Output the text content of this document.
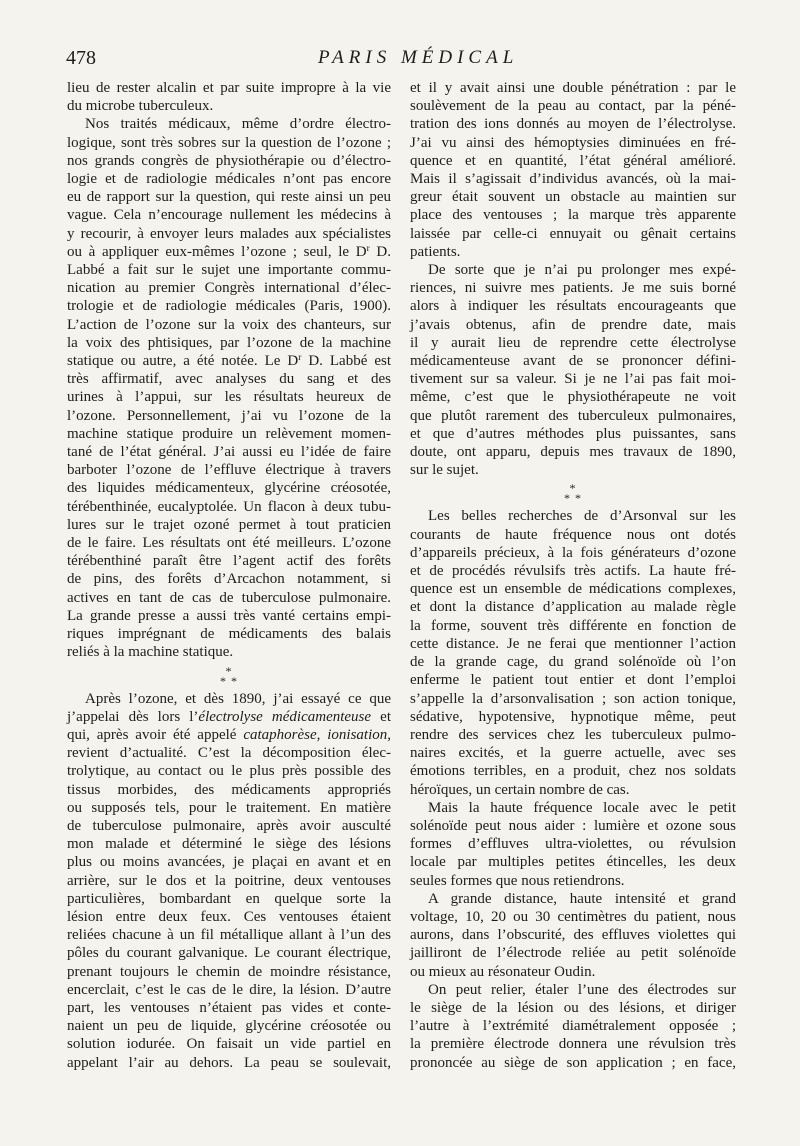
478	PARIS MÉDICAL
lieu de rester alcalin et par suite impropre à la vie
du microbe tuberculeux.
Nos traités médicaux, même d’ordre électro-
logique, sont très sobres sur la question de l’ozone ;
nos grands congrès de physiothérapie ou d’électro-
logie et de radiologie médicales n’ont pas encore
eu de rapport sur la question, qui reste ainsi un peu
vague. Cela n’encourage nullement les médecins à
y recourir, à envoyer leurs malades aux spécialistes
ou à appliquer eux-mêmes l’ozone ; seul, le $D^r$ D.
Labbé a fait sur le sujet une importante commu-
nication au premier Congrès international d’élec-
trologie et de radiologie médicales (Paris, 1900).
L’action de l’ozone sur la voix des chanteurs, sur
la voix des phtisiques, par l’ozone de la machine
statique ou autre, a été notée. Le $D^r$ D. Labbé est
très affirmatif, avec analyses du sang et des
urines à l’appui, sur les résultats heureux de
l’ozone. Personnellement, j’ai vu l’ozone de la
machine statique produire un relèvement momen-
tané de l’état général. J’ai aussi eu l’idée de faire
barboter l’ozone de l’effluve électrique à travers
des liquides médicamenteux, glycérine créosotée,
térébenthinée, eucalyptolée. Un flacon à deux tubu-
lures sur le trajet ozoné permet à tout praticien
de le faire. Les résultats ont été meilleurs. L’ozone
térébenthiné paraît être l’agent actif des forêts
de pins, des forêts d’Arcachon notamment, si
actives en tant de cas de tuberculose pulmonaire.
La grande presse a aussi très vanté certains empi-
riques imprégnant de médicaments des balais
reliés à la machine statique.
*
* *
Après l’ozone, et dès 1890, j’ai essayé ce que
j’appelai dès lors l’électrolyse médicamenteuse et
qui, après avoir été appelé cataphorèse, ionisation,
revient d’actualité. C’est la décomposition élec-
trolytique, au contact ou le plus près possible des
tissus morbides, des médicaments appropriés
ou supposés tels, pour le traitement. En matière
de tuberculose pulmonaire, après avoir ausculté
mon malade et déterminé le siège des lésions
plus ou moins avancées, je plaçai en avant et en
arrière, sur le dos et la poitrine, deux ventouses
particulières, bombardant en quelque sorte la
lésion entre deux feux. Ces ventouses étaient
reliées chacune à un fil métallique allant à l’un des
pôles du courant galvanique. Le courant électrique,
prenant toujours le chemin de moindre résistance,
encerclait, c’est le cas de le dire, la lésion. D’autre
part, les ventouses n’étaient pas vides et conte-
naient un peu de liquide, glycérine créosotée ou
solution iodurée. On faisait un vide partiel en
appelant l’air au dehors. La peau se soulevait,
et il y avait ainsi une double pénétration : par le
soulèvement de la peau au contact, par la péné-
tration des ions donnés au moyen de l’électrolyse.
J’ai vu ainsi des hémoptysies diminuées en fré-
quence et en quantité, l’état général amélioré.
Mais il s’agissait d’individus avancés, où la mai-
greur était souvent un obstacle au maintien sur
place des ventouses ; la marque très apparente
laissée par celle-ci ennuyait ou gênait certains
patients.
De sorte que je n’ai pu prolonger mes expé-
riences, ni suivre mes patients. Je me suis borné
alors à indiquer les résultats encourageants que
j’avais obtenus, afin de prendre date, mais
il y aurait lieu de reprendre cette électrolyse
médicamenteuse avant de se prononcer défini-
tivement sur sa valeur. Si je ne l’ai pas fait moi-
même, c’est que le physiothérapeute ne voit
que plutôt rarement des tuberculeux pulmonaires,
et que d’autres méthodes plus puissantes, sans
doute, ont apparu, depuis mes travaux de 1890,
sur le sujet.
*
* *
Les belles recherches de d’Arsonval sur les
courants de haute fréquence nous ont dotés
d’appareils précieux, à la fois générateurs d’ozone
et de procédés révulsifs très actifs. La haute fré-
quence est un ensemble de médications complexes,
et dont la distance d’application au malade règle
la forme, souvent très différente en fonction de
cette distance. Je ne ferai que mentionner l’action
de la grande cage, du grand solénoïde où l’on
enferme le patient tout entier et dont l’emploi
s’appelle la d’arsonvalisation ; son action tonique,
sédative, hypotensive, hypnotique même, peut
rendre des services chez les tuberculeux pulmo-
naires excités, et la guerre actuelle, avec ses
émotions terribles, en a produit, chez nos soldats
héroïques, un certain nombre de cas.
Mais la haute fréquence locale avec le petit
solénoïde peut nous aider : lumière et ozone sous
formes d’effluves ultra-violettes, ou révulsion
locale par multiples petites étincelles, les deux
seules formes que nous retiendrons.
A grande distance, haute intensité et grand
voltage, 10, 20 ou 30 centimètres du patient, nous
aurons, dans l’obscurité, des effluves violettes qui
jailliront de l’électrode reliée au petit solénoïde
ou mieux au résonateur Oudin.
On peut relier, étaler l’une des électrodes sur
le siège de la lésion ou des lésions, et diriger
l’autre à l’extrémité diamétralement opposée ;
la première électrode donnera une révulsion très
prononcée au siège de son application ; en face,
